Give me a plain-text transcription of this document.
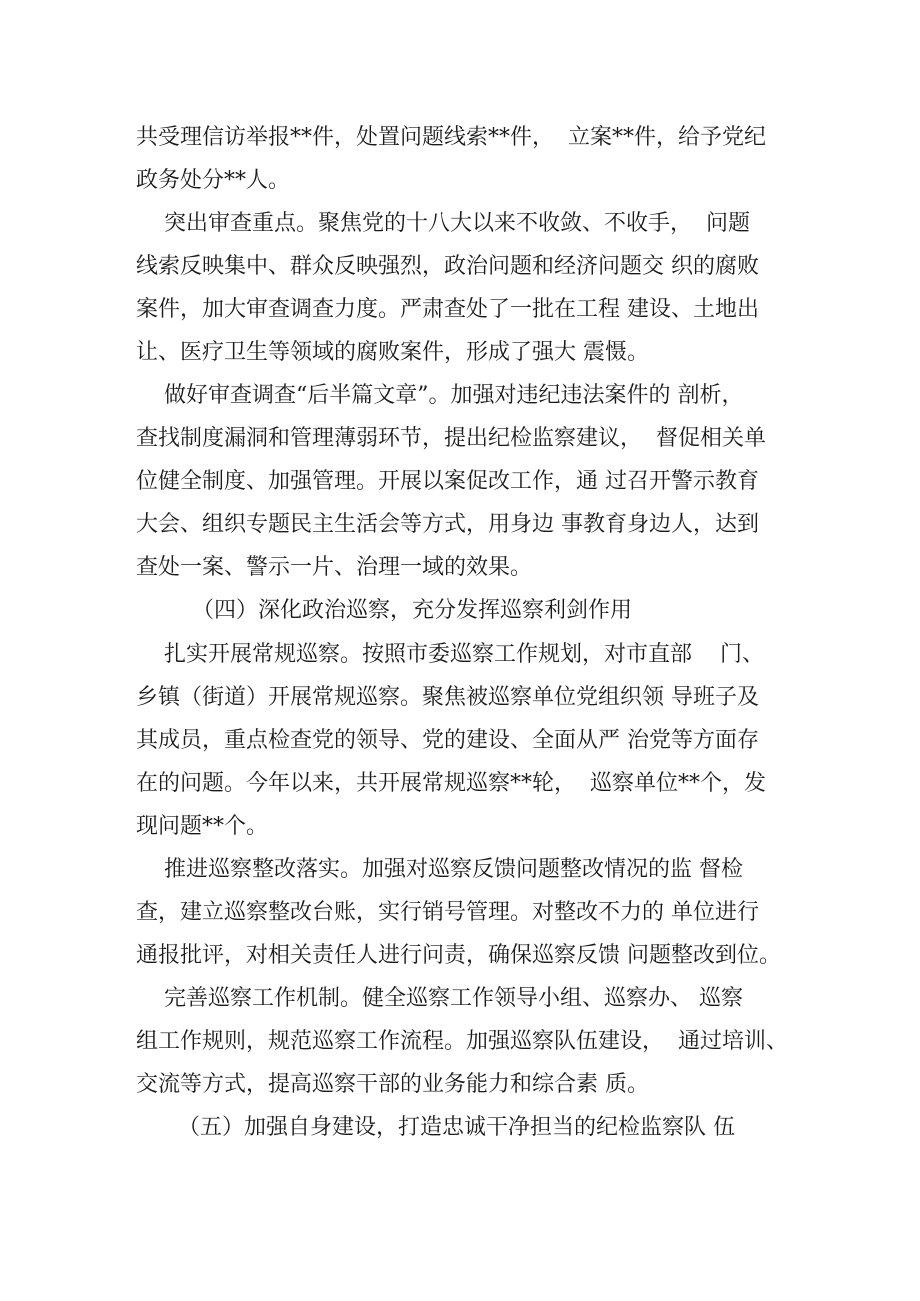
共受理信访举报**件，处置问题线索**件，  立案**件，给予党纪
政务处分**人。
突出审查重点。聚焦党的十八大以来不收敛、不收手，  问题
线索反映集中、群众反映强烈，政治问题和经济问题交 织的腐败
案件，加大审查调查力度。严肃查处了一批在工程 建设、土地出
让、医疗卫生等领域的腐败案件，形成了强大 震慑。
做好审查调查“后半篇文章”。加强对违纪违法案件的 剖析，
查找制度漏洞和管理薄弱环节，提出纪检监察建议，  督促相关单
位健全制度、加强管理。开展以案促改工作，通 过召开警示教育
大会、组织专题民主生活会等方式，用身边 事教育身边人，达到
查处一案、警示一片、治理一域的效果。
（四）深化政治巡察，充分发挥巡察利剑作用
扎实开展常规巡察。按照市委巡察工作规划，对市直部    门、
乡镇（街道）开展常规巡察。聚焦被巡察单位党组织领 导班子及
其成员，重点检查党的领导、党的建设、全面从严 治党等方面存
在的问题。今年以来，共开展常规巡察**轮，  巡察单位**个，发
现问题**个。
推进巡察整改落实。加强对巡察反馈问题整改情况的监 督检
查，建立巡察整改台账，实行销号管理。对整改不力的 单位进行
通报批评，对相关责任人进行问责，确保巡察反馈 问题整改到位。
完善巡察工作机制。健全巡察工作领导小组、巡察办、 巡察
组工作规则，规范巡察工作流程。加强巡察队伍建设，  通过培训、
交流等方式，提高巡察干部的业务能力和综合素 质。
（五）加强自身建设，打造忠诚干净担当的纪检监察队 伍
